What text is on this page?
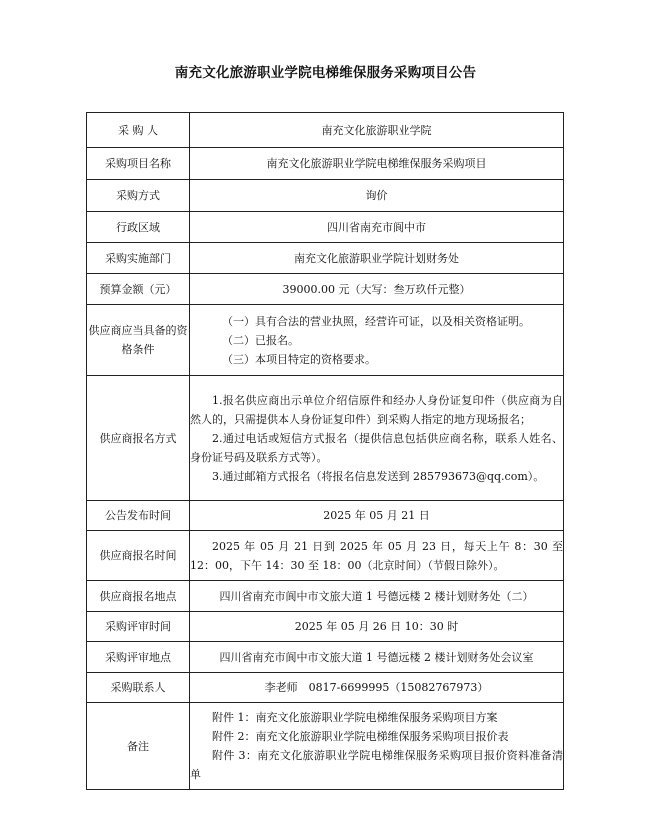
南充文化旅游职业学院电梯维保服务采购项目公告
采 购 人	南充文化旅游职业学院
采购项目名称	南充文化旅游职业学院电梯维保服务采购项目
采购方式	询价
行政区域	四川省南充市阆中市
采购实施部门	南充文化旅游职业学院计划财务处
预算金额（元）	39000.00 元（大写：叁万玖仟元整）
供应商应当具备的资格条件	（一）具有合法的营业执照，经营许可证，以及相关资格证明。
（二）已报名。
（三）本项目特定的资格要求。

供应商报名方式	1.报名供应商出示单位介绍信原件和经办人身份证复印件（供应商为自然人的，只需提供本人身份证复印件）到采购人指定的地方现场报名；
2.通过电话或短信方式报名（提供信息包括供应商名称，联系人姓名、身份证号码及联系方式等）。
3.通过邮箱方式报名（将报名信息发送到 285793673@qq.com）。

公告发布时间	2025 年 05 月 21 日
供应商报名时间	2025 年 05 月 21 日到 2025 年 05 月 23 日，每天上午 8：30 至 12：00，下午 14：30 至 18：00（北京时间）（节假日除外）。

供应商报名地点	四川省南充市阆中市文旅大道 1 号德远楼 2 楼计划财务处（二）
采购评审时间	2025 年 05 月 26 日 10：30 时
采购评审地点	四川省南充市阆中市文旅大道 1 号德远楼 2 楼计划财务处会议室
采购联系人	李老师　0817-6699995（15082767973）
备注	附件 1：南充文化旅游职业学院电梯维保服务采购项目方案
附件 2：南充文化旅游职业学院电梯维保服务采购项目报价表
附件 3：南充文化旅游职业学院电梯维保服务采购项目报价资料准备清单
